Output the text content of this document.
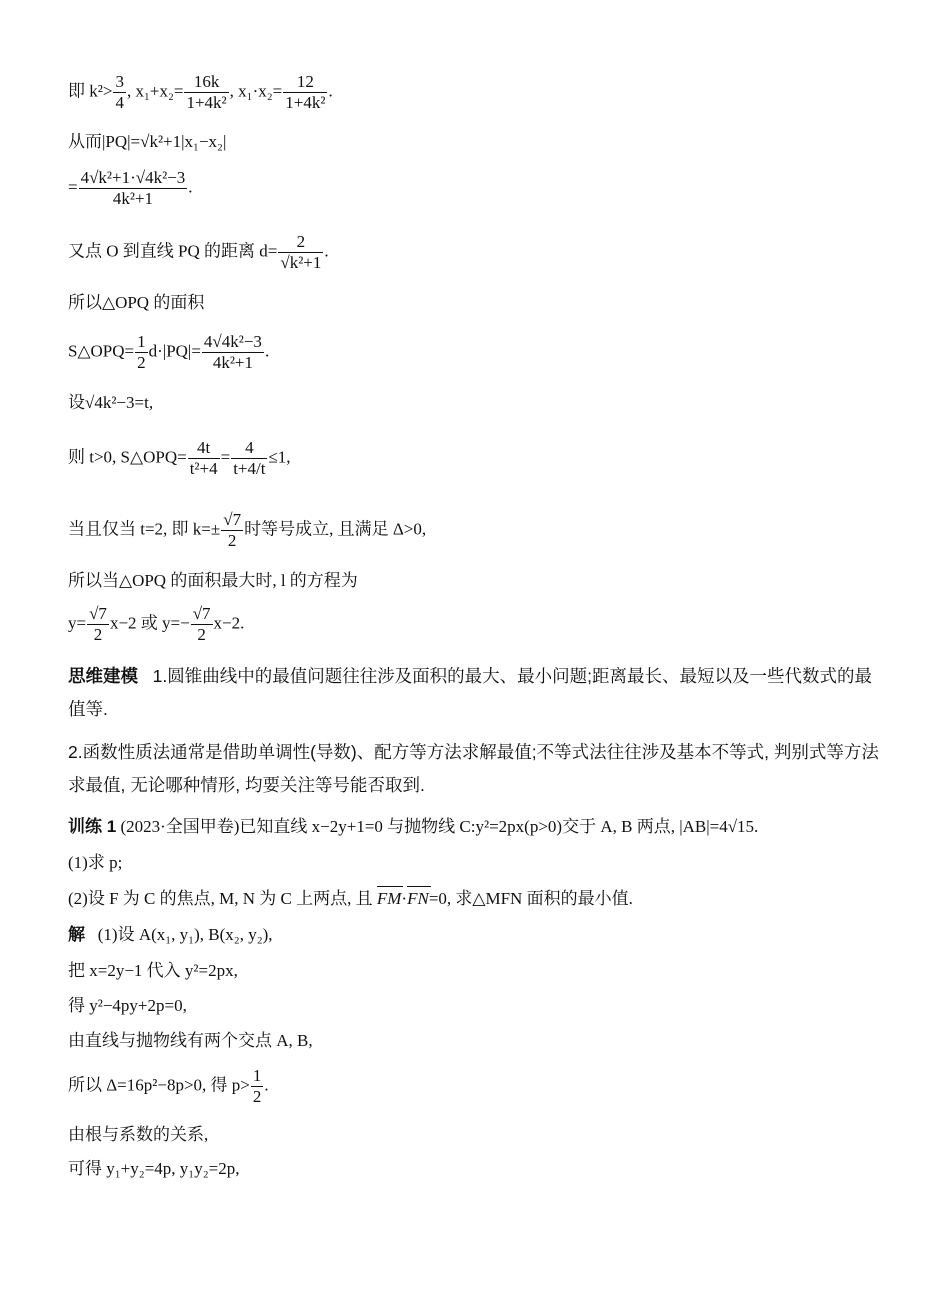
即 $k^2> \frac{3}{4}$ , $x_1+x_2= \frac{16k}{\text{1+4k²}}$ , $x_1\cdot x_2= \frac{12}{\text{1+4k²}}$ .
从而|PQ|=√k²+1|x₁−x₂|
= $\frac{\text{4√k²+1·√4k²−3}}{\text{4k²+1}}$ .
又点 O 到直线 PQ 的距离 $d= \frac{2}{\text{√k²+1}}$ .
所以△OPQ 的面积
S△OPQ= $\frac{1}{2} d\cdot|PQ|= \frac{\text{4√4k²−3}}{\text{4k²+1}}$ .
设√4k²−3=t,
则 t>0, S△OPQ= $\frac{4t}{\text{t²+4}} = \frac{4}{t+4/t} \le 1$,
当且仅当 t=2, 即 $k=\pm \frac{√7}{2}$ 时等号成立, 且满足 Δ>0,
所以当△OPQ 的面积最大时, l 的方程为
$y= \frac{√7}{2} x-2$ 或 $y=- \frac{√7}{2} x-2$.
思维建模 1.圆锥曲线中的最值问题往往涉及面积的最大、最小问题;距离最长、最短以及一些代数式的最值等.
2.函数性质法通常是借助单调性(导数)、配方等方法求解最值;不等式法往往涉及基本不等式, 判别式等方法求最值, 无论哪种情形, 均要关注等号能否取到.
训练 1 (2023·全国甲卷)已知直线 x−2y+1=0 与抛物线 C:y²=2px(p>0)交于 A, B 两点, |AB|=4√15.
(1)求 p;
(2)设 F 为 C 的焦点, M, N 为 C 上两点, 且 FM·FN=0, 求△MFN 面积的最小值.
解 (1)设 A(x₁, y₁), B(x₂, y₂),
把 x=2y−1 代入 y²=2px,
得 y²−4py+2p=0,
由直线与抛物线有两个交点 A, B,
所以 Δ=16p²−8p>0, 得 $p> \frac{1}{2}$ .
由根与系数的关系,
可得 y₁+y₂=4p, y₁y₂=2p,
